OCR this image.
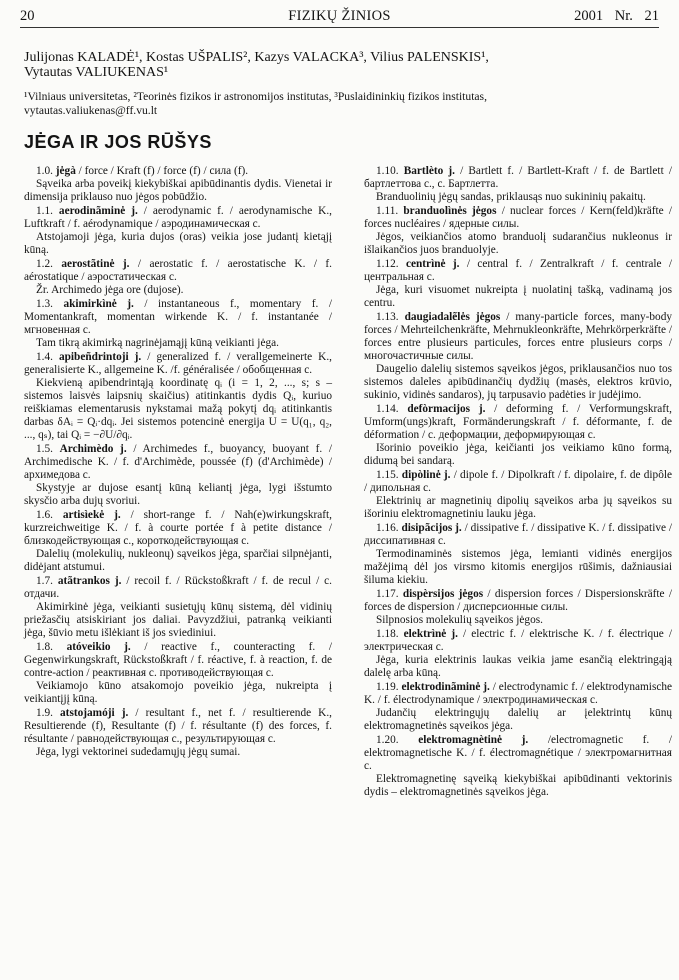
20	FIZIKŲ ŽINIOS	2001 Nr. 21
Julijonas KALADĖ¹, Kostas UŠPALIS², Kazys VALACKA³, Vilius PALENSKIS¹,
Vytautas VALIUKENAS¹
¹Vilniaus universitetas, ²Teorinės fizikos ir astronomijos institutas, ³Puslaidininkių fizikos institutas,
vytautas.valiukenas@ff.vu.lt
JĖGA IR JOS RŪŠYS

1.0. jėgà / force / Kraft (f) / force (f) / сила (f).

Sąveika arba poveikį kiekybiškai apibūdinantis dydis. Vienetai ir dimensija priklauso nuo jėgos pobūdžio.

1.1. aerodinãminė j. / aerodynamic f. / aerodynamische K., Luftkraft / f. aérodynamique / аэродинамическая с.

Atstojamoji jėga, kuria dujos (oras) veikia jose judantį kietąjį kūną.

1.2. aerostãtinė j. / aerostatic f. / aerostatische K. / f. aérostatique / аэростатическая с.

Žr. Archimedo jėga ore (dujose).

1.3. akimirkìnė j. / instantaneous f., momentary f. / Momentankraft, momentan wirkende K. / f. instantanée / мгновенная с.

Tam tikrą akimirką nagrinėjamąjį kūną veikianti jėga.

1.4. apibeñdrintoji j. / generalized f. / verallgemeinerte K., generalisierte K., allgemeine K. /f. généralisée / обобщенная с.

Kiekvieną apibendrintąją koordinatę qᵢ (i = 1, 2, ..., s; s – sistemos laisvės laipsnių skaičius) atitinkantis dydis Qᵢ, kuriuo reiškiamas elementarusis nykstamai mažą pokytį dqᵢ atitinkantis darbas δAᵢ = Qᵢ·dqᵢ. Jei sistemos potencinė energija U = U(q₁, q₂, ..., qₛ), tai Qᵢ = −∂U/∂qᵢ.

1.5. Archimèdo j. / Archimedes f., buoyancy, buoyant f. / Archimedische K. / f. d'Archimède, poussée (f) (d'Archimède) / архимедова с.

Skystyje ar dujose esantį kūną keliantį jėga, lygi išstumto skysčio arba dujų svoriui.

1.6. artisìekė j. / short-range f. / Nah(e)wirkungskraft, kurzreichweitige K. / f. à courte portée f à petite distance / близкодействующая с., короткодействующая с.

Dalelių (molekulių, nukleonų) sąveikos jėga, sparčiai silpnėjanti, didėjant atstumui.

1.7. atãtrankos j. / recoil f. / Rückstoßkraft / f. de recul / с. отдачи.

Akimirkinė jėga, veikianti susietųjų kūnų sistemą, dėl vidinių priežasčių atsiskiriant jos daliai. Pavyzdžiui, patranką veikianti jėga, šūvio metu išlėkiant iš jos sviediniui.

1.8. atóveikio j. / reactive f., counteracting f. / Gegenwirkungskraft, Rückstoßkraft / f. réactive, f. à reaction, f. de contre-action / реактивная с. противодействующая с.

Veikiamojo kūno atsakomojo poveikio jėga, nukreipta į veikiantįjį kūną.

1.9. atstojamóji j. / resultant f., net f. / resultierende K., Resultierende (f), Resultante (f) / f. résultante (f) des forces, f. résultante / равнодействующая с., результирующая с.

Jėga, lygi vektorinei sudedamųjų jėgų sumai.

1.10. Bartlèto j. / Bartlett f. / Bartlett-Kraft / f. de Bartlett / бартлеттова с., с. Бартлетта.

Branduolinių jėgų sandas, priklausąs nuo sukininių pakaitų.

1.11. branduolìnės jėgos / nuclear forces / Kern(feld)kräfte / forces nucléaires / ядерные силы.

Jėgos, veikiančios atomo branduolį sudarančius nukleonus ir išlaikančios juos branduolyje.

1.12. centrìnė j. / central f. / Zentralkraft / f. centrale / центральная с.

Jėga, kuri visuomet nukreipta į nuolatinį tašką, vadinamą jos centru.

1.13. daugiadalẽlės jėgos / many-particle forces, many-body forces / Mehrteilchenkräfte, Mehrnukleonkräfte, Mehrkörperkräfte / forces entre plusieurs particules, forces entre plusieurs corps / многочастичные силы.

Daugelio dalelių sistemos sąveikos jėgos, priklausančios nuo tos sistemos daleles apibūdinančių dydžių (masės, elektros krūvio, sukinio, vidinės sandaros), jų tarpusavio padėties ir judėjimo.

1.14. defòrmacijos j. / deforming f. / Verformungskraft, Umform(ungs)kraft, Formänderungskraft / f. déformante, f. de déformation / с. деформации, деформирующая с.

Išorinio poveikio jėga, keičianti jos veikiamo kūno formą, didumą bei sandarą.

1.15. dipòlinė j. / dipole f. / Dipolkraft / f. dipolaire, f. de dipôle / дипольная с.

Elektrinių ar magnetinių dipolių sąveikos arba jų sąveikos su išoriniu elektromagnetiniu lauku jėga.

1.16. disipãcijos j. / dissipative f. / dissipative K. / f. dissipative / диссипативная с.

Termodinaminės sistemos jėga, lemianti vidinės energijos mažėjimą dėl jos virsmo kitomis energijos rūšimis, dažniausiai šiluma kiekiu.

1.17. dispèrsijos jėgos / dispersion forces / Dispersionskräfte / forces de dispersion / дисперсионные силы.

Silpnosios molekulių sąveikos jėgos.

1.18. elektrìnė j. / electric f. / elektrische K. / f. électrique / электрическая с.

Jėga, kuria elektrinis laukas veikia jame esančią elektringąją dalelę arba kūną.

1.19. elektrodinãminė j. / electrodynamic f. / elektrodynamische K. / f. électrodynamique / электродинамическая с.

Judančių elektringųjų dalelių ar įelektrintų kūnų elektromagnetinės sąveikos jėga.

1.20. elektromagnètinė j. /electromagnetic f. / elektromagnetische K. / f. électromagnétique / электромагнитная с.

Elektromagnetinę sąveiką kiekybiškai apibūdinanti vektorinis dydis – elektromagnetinės sąveikos jėga.
